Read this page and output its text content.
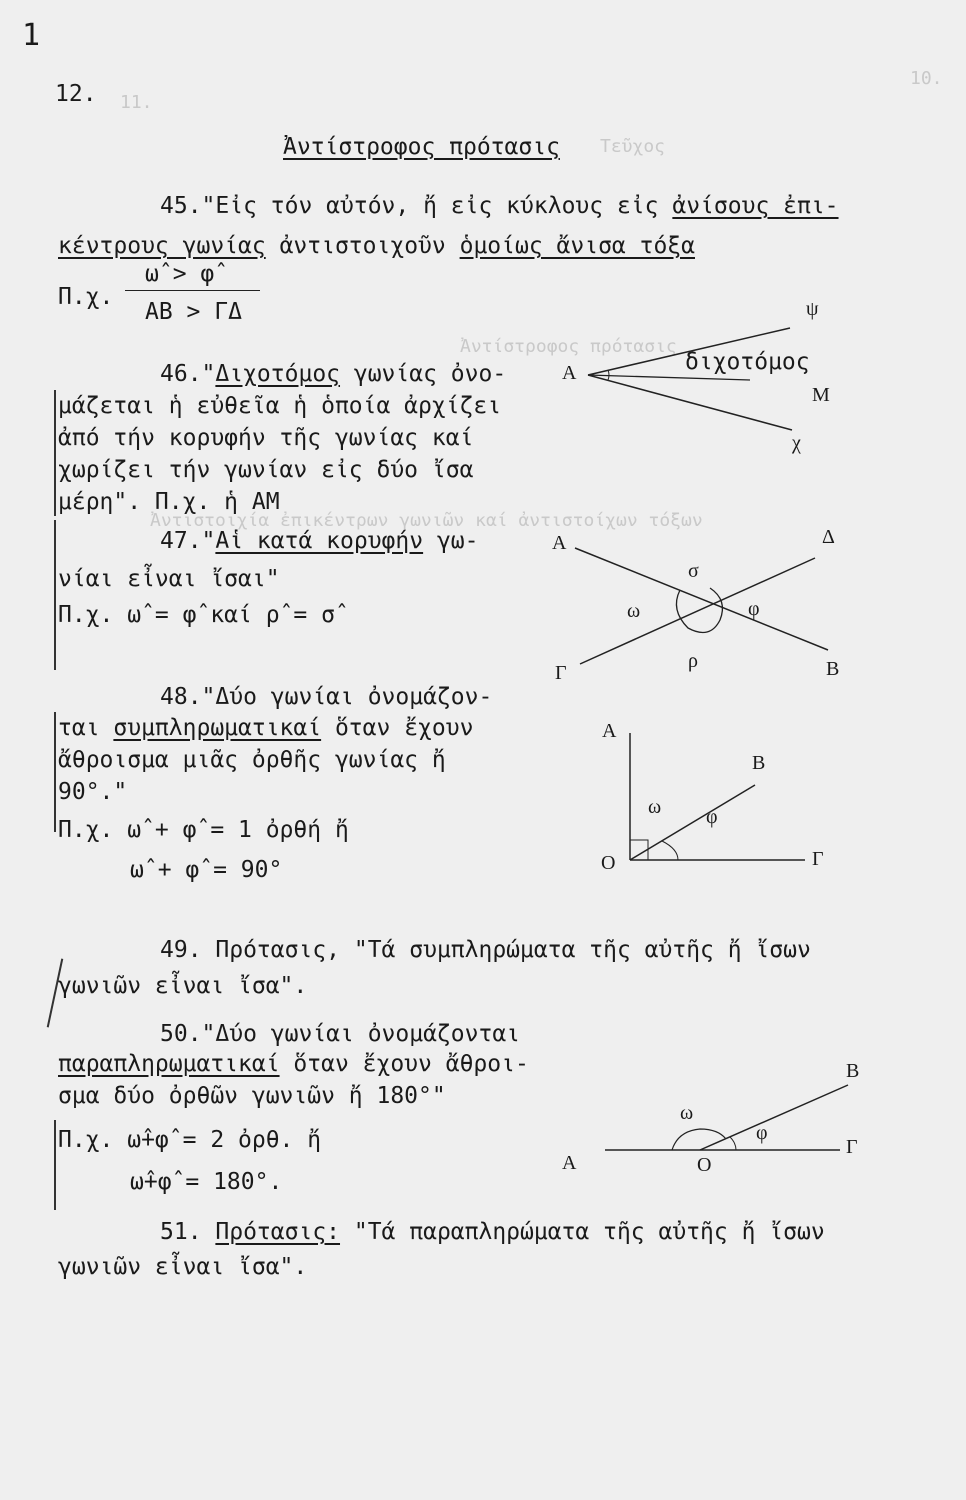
10.
11.
Τεῦχος
Ἀντίστροφος πρότασις
Ἀντιστοιχία ἐπικέντρων γωνιῶν καί ἀντιστοίχων τόξων
1
12.
Ἀντίστροφος πρότασις
45."Εἰς τόν αὐτόν, ἤ εἰς κύκλους εἰς ἀνίσους ἐπι-
κέντρους γωνίας ἀντιστοιχοῦν ὁμοίως ἄνισα τόξα
Π.χ.
ω̂ > φ̂
AB > ΓΔ
46."Διχοτόμος γωνίας ὀνο-
μάζεται ἡ εὐθεῖα ἡ ὁποία ἀρχίζει
ἀπό τήν κορυφήν τῆς γωνίας καί
χωρίζει τήν γωνίαν εἰς δύο ἴσα
μέρη". Π.χ. ἡ AM
A
ψ
διχοτόμος
M
χ
47."Αἱ κατά κορυφήν γω-
νίαι εἶναι ἴσαι"
Π.χ. ω̂ = φ̂ καί ρ̂ = σ̂
A	Δ
Γ	B
σ
ω	φ
ρ
48."Δύο γωνίαι ὀνομάζον-
ται συμπληρωματικαί ὅταν ἔχουν
ἄθροισμα μιᾶς ὀρθῆς γωνίας ἤ
90°."
Π.χ. ω̂ + φ̂ = 1 ὀρθή ἤ
ω̂ + φ̂ = 90°
A
B
O	Γ
ω φ
49. Πρότασις, "Τά συμπληρώματα τῆς αὐτῆς ἤ ἴσων
γωνιῶν εἶναι ἴσα".
50."Δύο γωνίαι ὀνομάζονται
παραπληρωματικαί ὅταν ἔχουν ἄθροι-
σμα δύο ὀρθῶν γωνιῶν ἤ 180°"
Π.χ. ω̂+φ̂ = 2 ὀρθ. ἤ
ω̂+φ̂ = 180°.
A	O
Γ
B
ω
φ
51. Πρότασις: "Τά παραπληρώματα τῆς αὐτῆς ἤ ἴσων
γωνιῶν εἶναι ἴσα".
